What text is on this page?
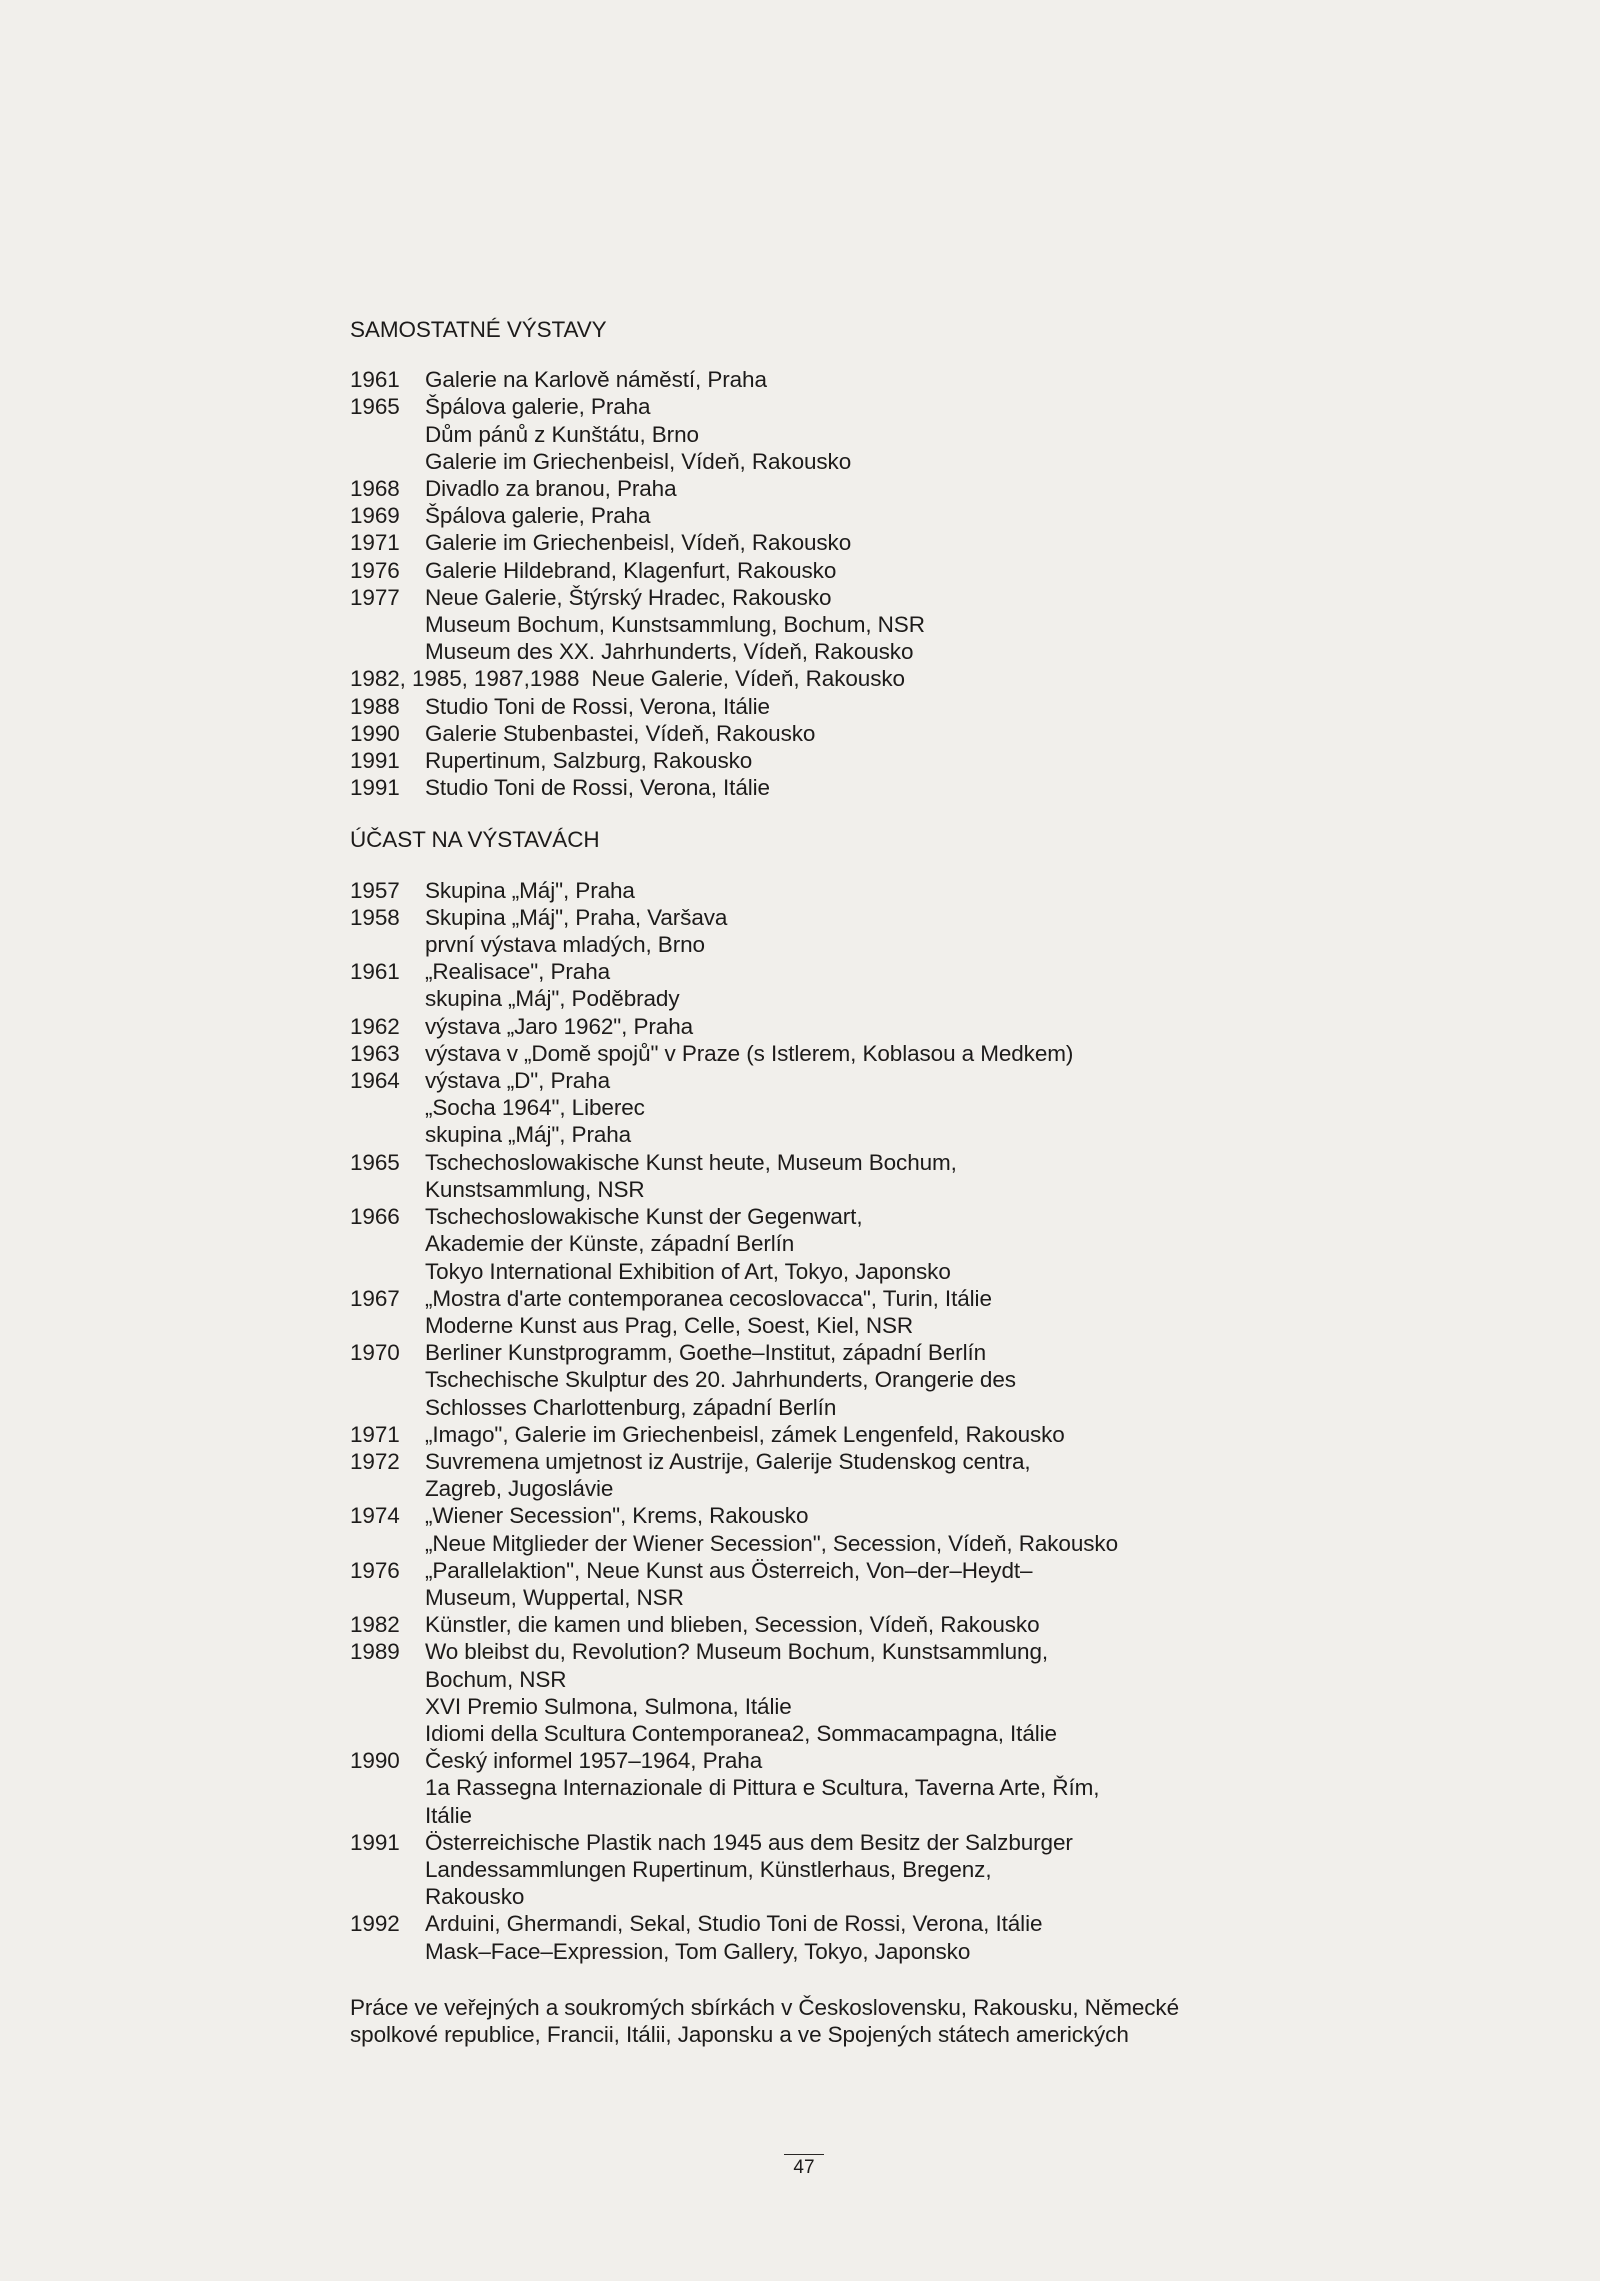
SAMOSTATNÉ VÝSTAVY
1961	Galerie na Karlově náměstí, Praha
1965	Špálova galerie, Praha
Dům pánů z Kunštátu, Brno
Galerie im Griechenbeisl, Vídeň, Rakousko
1968	Divadlo za branou, Praha
1969	Špálova galerie, Praha
1971	Galerie im Griechenbeisl, Vídeň, Rakousko
1976	Galerie Hildebrand, Klagenfurt, Rakousko
1977	Neue Galerie, Štýrský Hradec, Rakousko
Museum Bochum, Kunstsammlung, Bochum, NSR
Museum des XX. Jahrhunderts, Vídeň, Rakousko
1982, 1985, 1987,1988 Neue Galerie, Vídeň, Rakousko
1988	Studio Toni de Rossi, Verona, Itálie
1990	Galerie Stubenbastei, Vídeň, Rakousko
1991	Rupertinum, Salzburg, Rakousko
1991	Studio Toni de Rossi, Verona, Itálie
ÚČAST NA VÝSTAVÁCH
1957	Skupina „Máj", Praha
1958	Skupina „Máj", Praha, Varšava
první výstava mladých, Brno
1961	„Realisace", Praha
skupina „Máj", Poděbrady
1962	výstava „Jaro 1962", Praha
1963	výstava v „Domě spojů" v Praze (s Istlerem, Koblasou a Medkem)
1964	výstava „D", Praha
„Socha 1964", Liberec
skupina „Máj", Praha
1965	Tschechoslowakische Kunst heute, Museum Bochum,
Kunstsammlung, NSR
1966	Tschechoslowakische Kunst der Gegenwart,
Akademie der Künste, západní Berlín
Tokyo International Exhibition of Art, Tokyo, Japonsko
1967	„Mostra d'arte contemporanea cecoslovacca", Turin, Itálie
Moderne Kunst aus Prag, Celle, Soest, Kiel, NSR
1970	Berliner Kunstprogramm, Goethe–Institut, západní Berlín
Tschechische Skulptur des 20. Jahrhunderts, Orangerie des
Schlosses Charlottenburg, západní Berlín
1971	„Imago", Galerie im Griechenbeisl, zámek Lengenfeld, Rakousko
1972	Suvremena umjetnost iz Austrije, Galerije Studenskog centra,
Zagreb, Jugoslávie
1974	„Wiener Secession", Krems, Rakousko
„Neue Mitglieder der Wiener Secession", Secession, Vídeň, Rakousko
1976	„Parallelaktion", Neue Kunst aus Österreich, Von–der–Heydt–
Museum, Wuppertal, NSR
1982	Künstler, die kamen und blieben, Secession, Vídeň, Rakousko
1989	Wo bleibst du, Revolution? Museum Bochum, Kunstsammlung,
Bochum, NSR
XVI Premio Sulmona, Sulmona, Itálie
Idiomi della Scultura Contemporanea2, Sommacampagna, Itálie
1990	Český informel 1957–1964, Praha
1a Rassegna Internazionale di Pittura e Scultura, Taverna Arte, Řím,
Itálie
1991	Österreichische Plastik nach 1945 aus dem Besitz der Salzburger
Landessammlungen Rupertinum, Künstlerhaus, Bregenz,
Rakousko
1992	Arduini, Ghermandi, Sekal, Studio Toni de Rossi, Verona, Itálie
Mask–Face–Expression, Tom Gallery, Tokyo, Japonsko

Práce ve veřejných a soukromých sbírkách v Československu, Rakousku, Německé spolkové republice, Francii, Itálii, Japonsku a ve Spojených státech amerických

47
